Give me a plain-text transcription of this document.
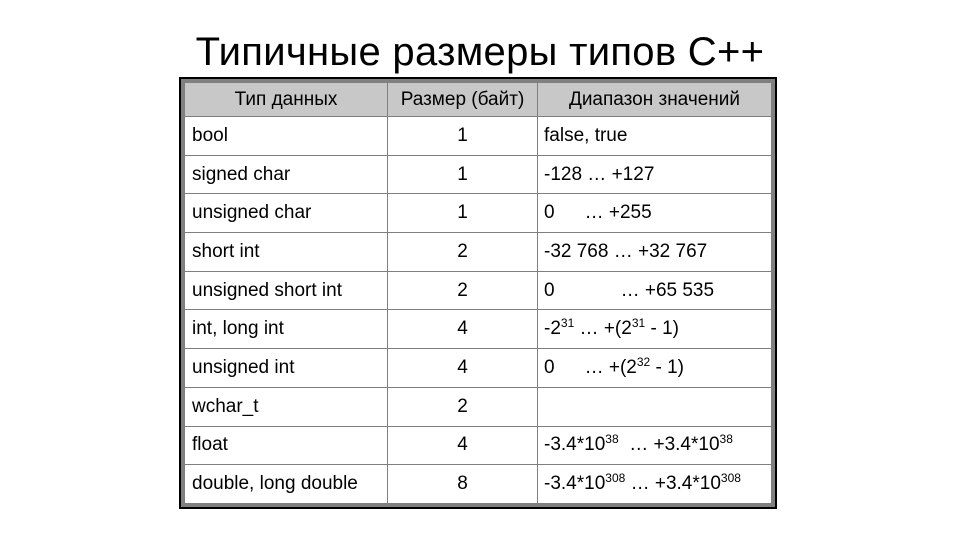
Типичные размеры типов С++
Тип данных	Размер (байт)	Диапазон значений
bool	1	false, true
signed char	1	-128 … +127
unsigned char	1	0 … +255
short int	2	-32 768 … +32 767
unsigned short int	2	0 … +65 535
int, long int	4	$-2^{31}$ … $+(2^{31} - 1)$
unsigned int	4	0 … $+(2^{32} - 1)$
wchar_t	2	
float	4	$-3.4*10^{38}$  … $+3.4*10^{38}$
double, long double	8	$-3.4*10^{308}$ … $+3.4*10^{308}$
